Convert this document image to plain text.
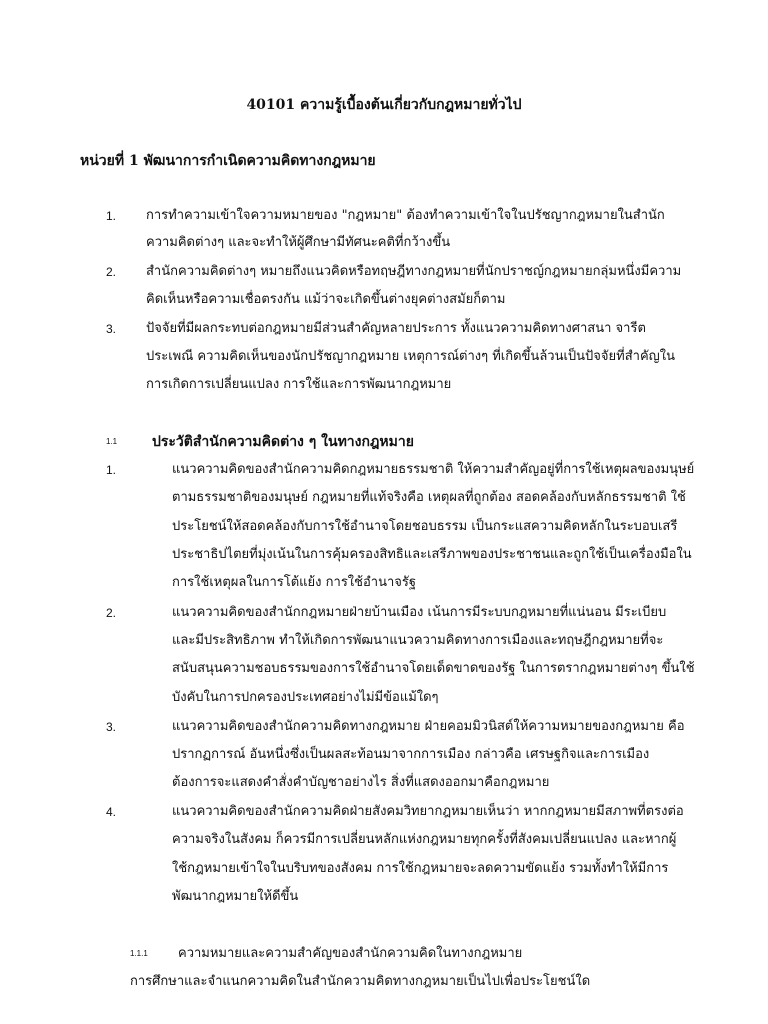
40101 ความรู้เบื้องต้นเกี่ยวกับกฎหมายทั่วไป
หน่วยที่ 1 พัฒนาการกำเนิดความคิดทางกฎหมาย
1. การทำความเข้าใจความหมายของ "กฎหมาย" ต้องทำความเข้าใจในปรัชญากฎหมายในสำนัก
ความคิดต่างๆ และจะทำให้ผู้ศึกษามีทัศนะคติที่กว้างขึ้น
2. สำนักความคิดต่างๆ หมายถึงแนวคิดหรือทฤษฎีทางกฎหมายที่นักปราชญ์กฎหมายกลุ่มหนึ่งมีความ
คิดเห็นหรือความเชื่อตรงกัน แม้ว่าจะเกิดขึ้นต่างยุคต่างสมัยก็ตาม
3. ปัจจัยที่มีผลกระทบต่อกฎหมายมีส่วนสำคัญหลายประการ ทั้งแนวความคิดทางศาสนา จารีต
ประเพณี ความคิดเห็นของนักปรัชญากฎหมาย เหตุการณ์ต่างๆ ที่เกิดขึ้นล้วนเป็นปัจจัยที่สำคัญใน
การเกิดการเปลี่ยนแปลง การใช้และการพัฒนากฎหมาย
1.1 ประวัติสำนักความคิดต่าง ๆ ในทางกฎหมาย
1.	แนวความคิดของสำนักความคิดกฎหมายธรรมชาติ ให้ความสำคัญอยู่ที่การใช้เหตุผลของมนุษย์
ตามธรรมชาติของมนุษย์ กฎหมายที่แท้จริงคือ เหตุผลที่ถูกต้อง สอดคล้องกับหลักธรรมชาติ ใช้
ประโยชน์ให้สอดคล้องกับการใช้อำนาจโดยชอบธรรม เป็นกระแสความคิดหลักในระบอบเสรี
ประชาธิปไตยที่มุ่งเน้นในการคุ้มครองสิทธิและเสรีภาพของประชาชนและถูกใช้เป็นเครื่องมือใน
การใช้เหตุผลในการโต้แย้ง การใช้อำนาจรัฐ
2.	แนวความคิดของสำนักกฎหมายฝ่ายบ้านเมือง เน้นการมีระบบกฎหมายที่แน่นอน มีระเบียบ
และมีประสิทธิภาพ ทำให้เกิดการพัฒนาแนวความคิดทางการเมืองและทฤษฎีกฎหมายที่จะ
สนับสนุนความชอบธรรมของการใช้อำนาจโดยเด็ดขาดของรัฐ ในการตรากฎหมายต่างๆ ขึ้นใช้
บังคับในการปกครองประเทศอย่างไม่มีข้อแม้ใดๆ
3.	แนวความคิดของสำนักความคิดทางกฎหมาย ฝ่ายคอมมิวนิสต์ให้ความหมายของกฎหมาย คือ
ปรากฏการณ์ อันหนึ่งซึ่งเป็นผลสะท้อนมาจากการเมือง กล่าวคือ เศรษฐกิจและการเมือง
ต้องการจะแสดงคำสั่งคำบัญชาอย่างไร สิ่งที่แสดงออกมาคือกฎหมาย
4.	แนวความคิดของสำนักความคิดฝ่ายสังคมวิทยากฎหมายเห็นว่า หากกฎหมายมีสภาพที่ตรงต่อ
ความจริงในสังคม ก็ควรมีการเปลี่ยนหลักแห่งกฎหมายทุกครั้งที่สังคมเปลี่ยนแปลง และหากผู้
ใช้กฎหมายเข้าใจในบริบทของสังคม การใช้กฎหมายจะลดความขัดแย้ง รวมทั้งทำให้มีการ
พัฒนากฎหมายให้ดีขึ้น
1.1.1 ความหมายและความสำคัญของสำนักความคิดในทางกฎหมาย
การศึกษาและจำแนกความคิดในสำนักความคิดทางกฎหมายเป็นไปเพื่อประโยชน์ใด
